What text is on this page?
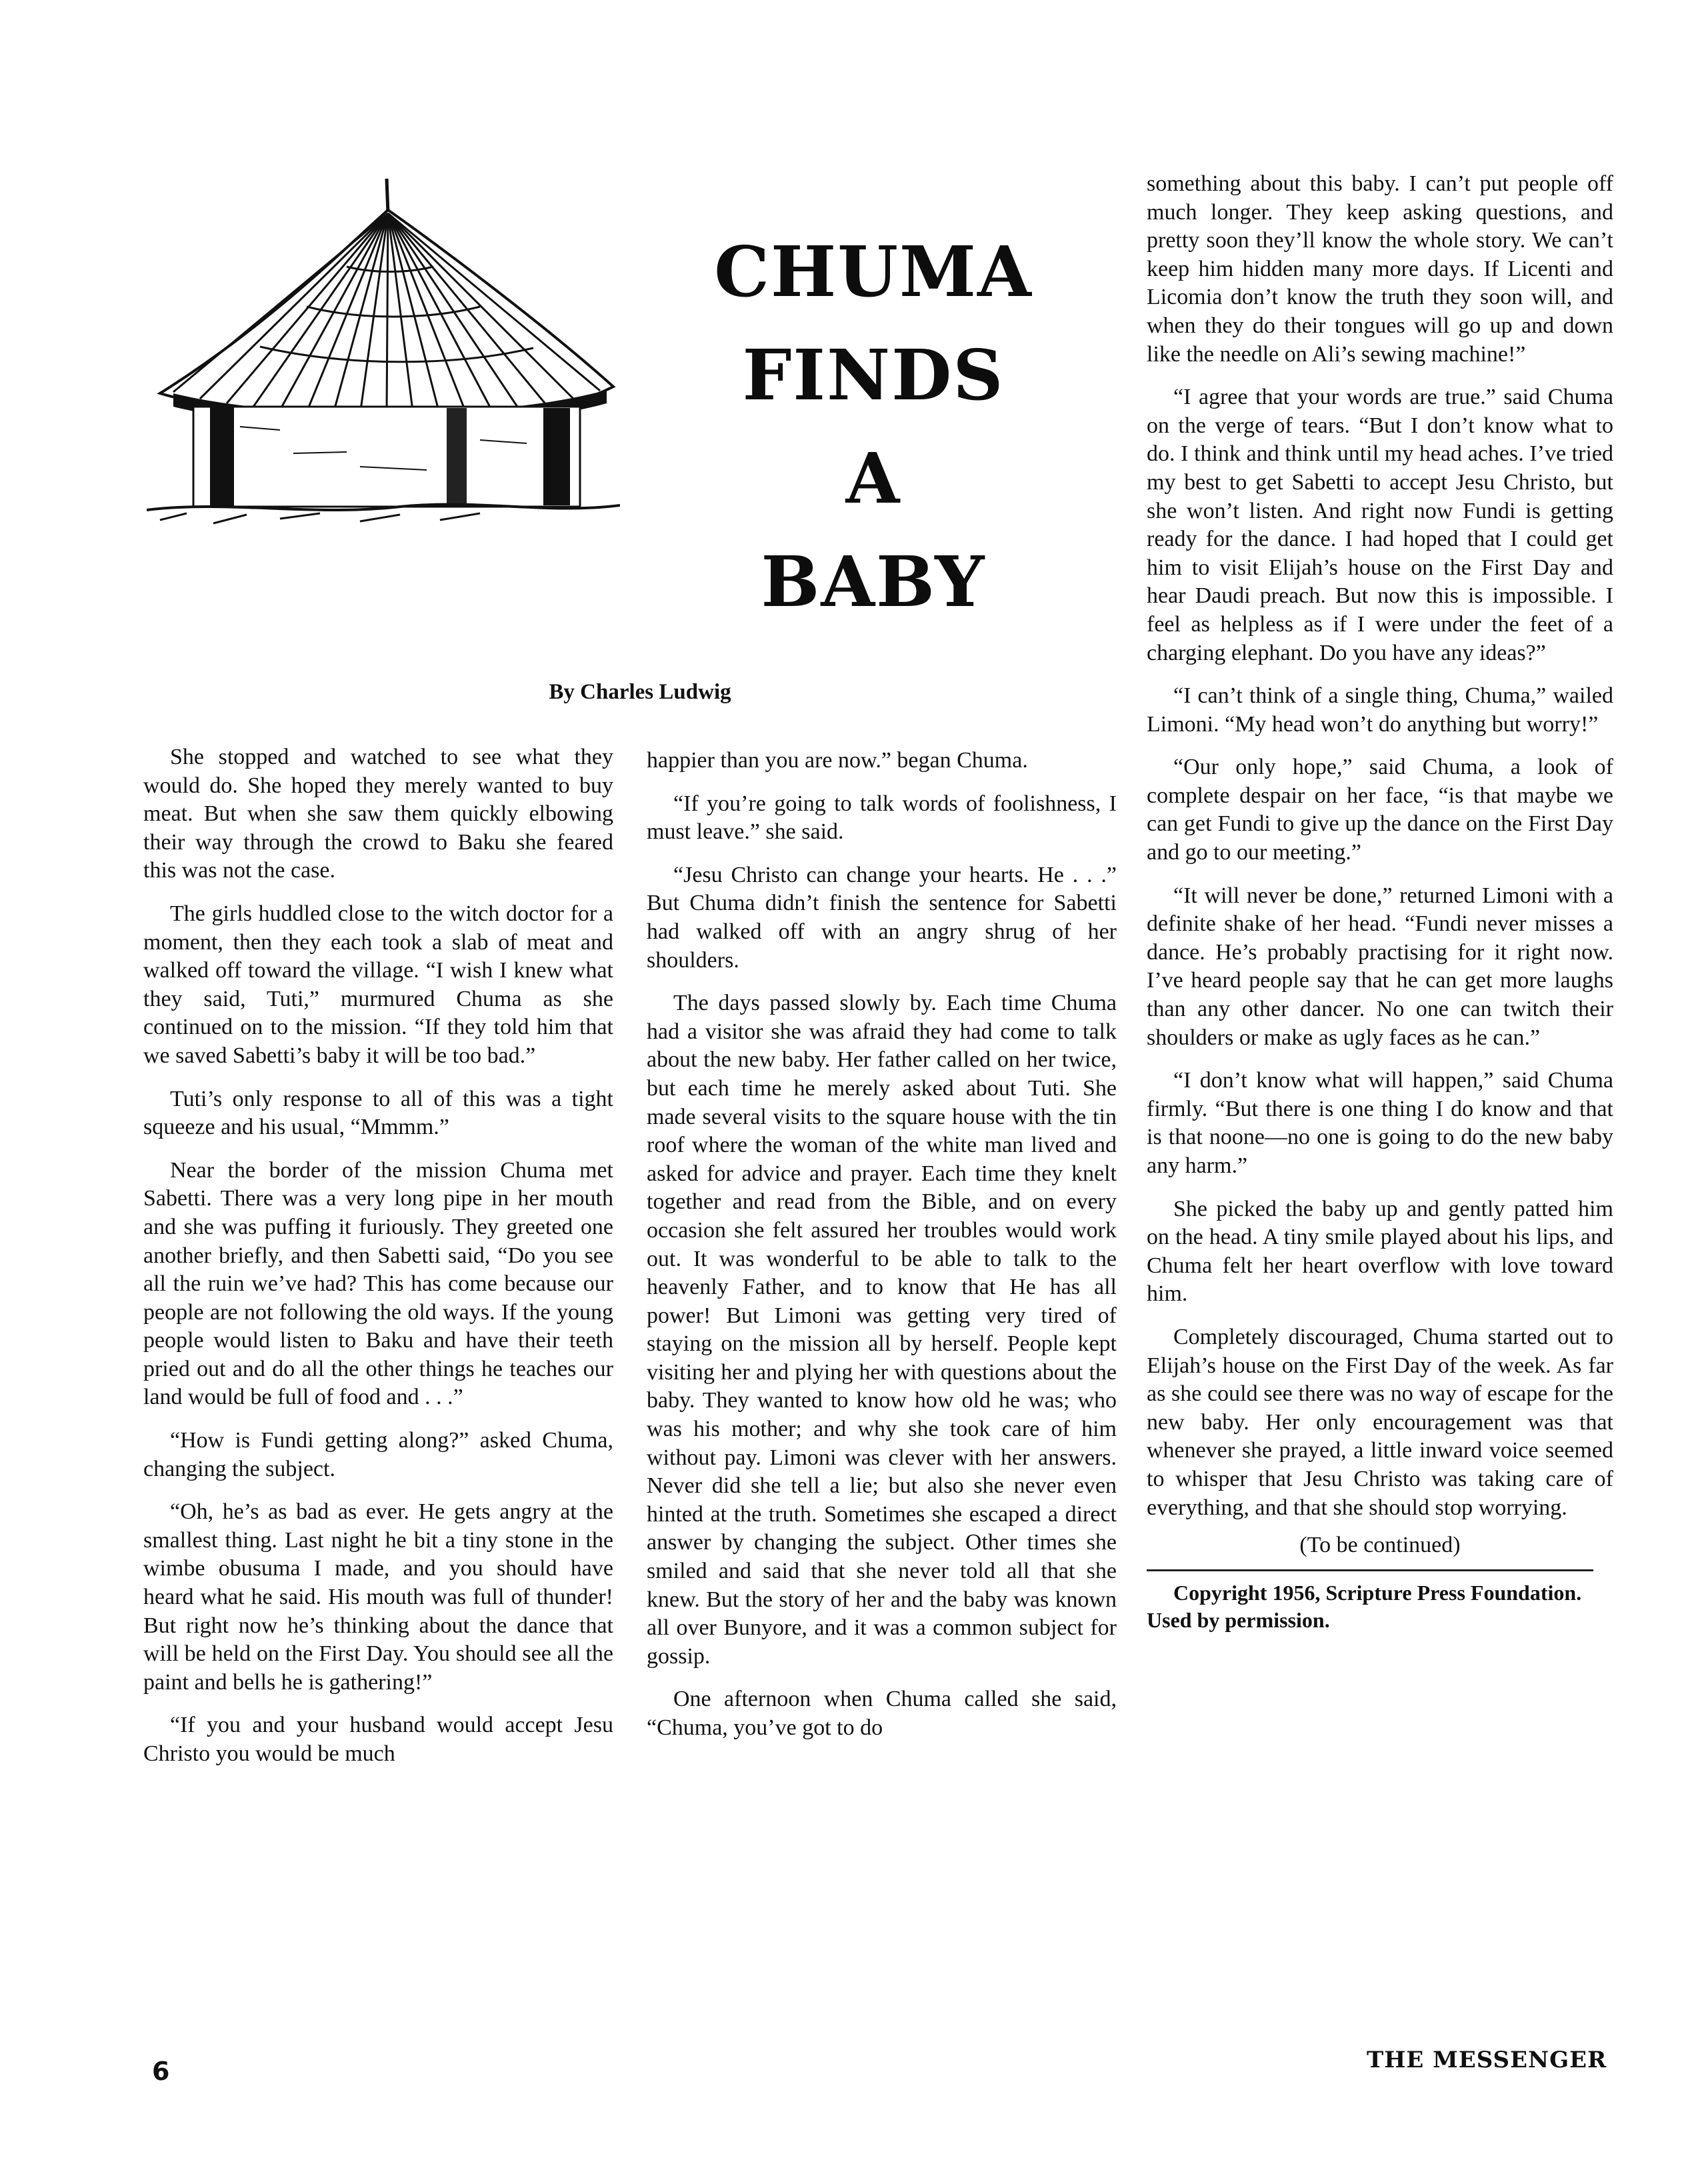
CHUMA
FINDS
A
BABY
By Charles Ludwig

She stopped and watched to see what they would do. She hoped they merely wanted to buy meat. But when she saw them quickly elbowing their way through the crowd to Baku she feared this was not the case.

The girls huddled close to the witch doctor for a moment, then they each took a slab of meat and walked off toward the village. “I wish I knew what they said, Tuti,” murmured Chuma as she continued on to the mission. “If they told him that we saved Sabetti’s baby it will be too bad.”

Tuti’s only response to all of this was a tight squeeze and his usual, “Mmmm.”

Near the border of the mission Chuma met Sabetti. There was a very long pipe in her mouth and she was puffing it furiously. They greeted one another briefly, and then Sabetti said, “Do you see all the ruin we’ve had? This has come because our people are not following the old ways. If the young people would listen to Baku and have their teeth pried out and do all the other things he teaches our land would be full of food and . . .”

“How is Fundi getting along?” asked Chuma, changing the subject.

“Oh, he’s as bad as ever. He gets angry at the smallest thing. Last night he bit a tiny stone in the wimbe obusuma I made, and you should have heard what he said. His mouth was full of thunder! But right now he’s thinking about the dance that will be held on the First Day. You should see all the paint and bells he is gathering!”

“If you and your husband would accept Jesu Christo you would be much

happier than you are now.” began Chuma.

“If you’re going to talk words of foolishness, I must leave.” she said.

“Jesu Christo can change your hearts. He . . .” But Chuma didn’t finish the sentence for Sabetti had walked off with an angry shrug of her shoulders.

The days passed slowly by. Each time Chuma had a visitor she was afraid they had come to talk about the new baby. Her father called on her twice, but each time he merely asked about Tuti. She made several visits to the square house with the tin roof where the woman of the white man lived and asked for advice and prayer. Each time they knelt together and read from the Bible, and on every occasion she felt assured her troubles would work out. It was wonderful to be able to talk to the heavenly Father, and to know that He has all power! But Limoni was getting very tired of staying on the mission all by herself. People kept visiting her and plying her with questions about the baby. They wanted to know how old he was; who was his mother; and why she took care of him without pay. Limoni was clever with her answers. Never did she tell a lie; but also she never even hinted at the truth. Sometimes she escaped a direct answer by changing the subject. Other times she smiled and said that she never told all that she knew. But the story of her and the baby was known all over Bunyore, and it was a common subject for gossip.

One afternoon when Chuma called she said, “Chuma, you’ve got to do

something about this baby. I can’t put people off much longer. They keep asking questions, and pretty soon they’ll know the whole story. We can’t keep him hidden many more days. If Licenti and Licomia don’t know the truth they soon will, and when they do their tongues will go up and down like the needle on Ali’s sewing machine!”

“I agree that your words are true.” said Chuma on the verge of tears. “But I don’t know what to do. I think and think until my head aches. I’ve tried my best to get Sabetti to accept Jesu Christo, but she won’t listen. And right now Fundi is getting ready for the dance. I had hoped that I could get him to visit Elijah’s house on the First Day and hear Daudi preach. But now this is impossible. I feel as helpless as if I were under the feet of a charging elephant. Do you have any ideas?”

“I can’t think of a single thing, Chuma,” wailed Limoni. “My head won’t do anything but worry!”

“Our only hope,” said Chuma, a look of complete despair on her face, “is that maybe we can get Fundi to give up the dance on the First Day and go to our meeting.”

“It will never be done,” returned Limoni with a definite shake of her head. “Fundi never misses a dance. He’s probably practising for it right now. I’ve heard people say that he can get more laughs than any other dancer. No one can twitch their shoulders or make as ugly faces as he can.”

“I don’t know what will happen,” said Chuma firmly. “But there is one thing I do know and that is that noone—no one is going to do the new baby any harm.”

She picked the baby up and gently patted him on the head. A tiny smile played about his lips, and Chuma felt her heart overflow with love toward him.

Completely discouraged, Chuma started out to Elijah’s house on the First Day of the week. As far as she could see there was no way of escape for the new baby. Her only encouragement was that whenever she prayed, a little inward voice seemed to whisper that Jesu Christo was taking care of everything, and that she should stop worrying.

(To be continued)

Copyright 1956, Scripture Press Foundation. Used by permission.

6	THE MESSENGER
